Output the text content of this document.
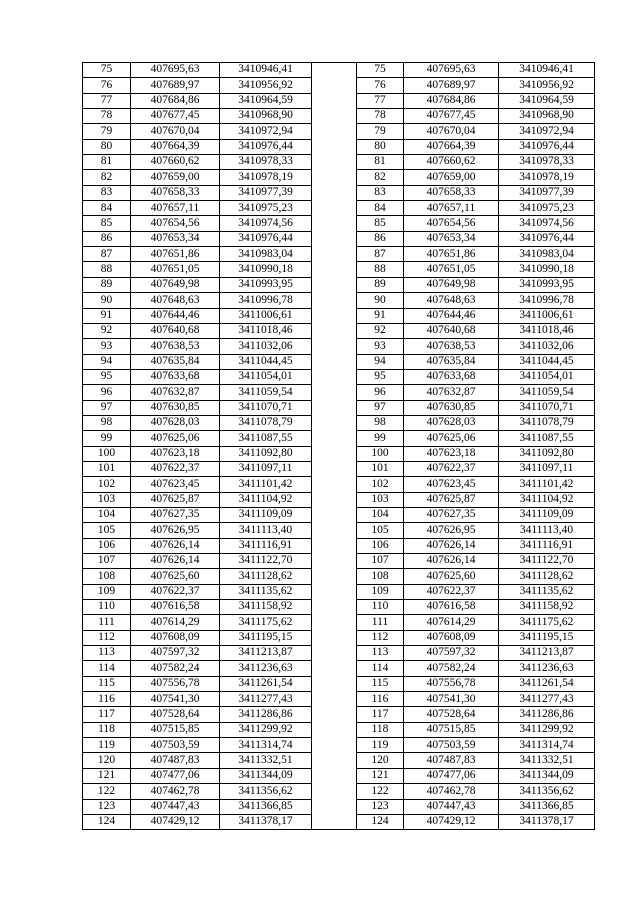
75	407695,63	3410946,41		75	407695,63	3410946,41
76	407689,97	3410956,92		76	407689,97	3410956,92
77	407684,86	3410964,59		77	407684,86	3410964,59
78	407677,45	3410968,90		78	407677,45	3410968,90
79	407670,04	3410972,94		79	407670,04	3410972,94
80	407664,39	3410976,44		80	407664,39	3410976,44
81	407660,62	3410978,33		81	407660,62	3410978,33
82	407659,00	3410978,19		82	407659,00	3410978,19
83	407658,33	3410977,39		83	407658,33	3410977,39
84	407657,11	3410975,23		84	407657,11	3410975,23
85	407654,56	3410974,56		85	407654,56	3410974,56
86	407653,34	3410976,44		86	407653,34	3410976,44
87	407651,86	3410983,04		87	407651,86	3410983,04
88	407651,05	3410990,18		88	407651,05	3410990,18
89	407649,98	3410993,95		89	407649,98	3410993,95
90	407648,63	3410996,78		90	407648,63	3410996,78
91	407644,46	3411006,61		91	407644,46	3411006,61
92	407640,68	3411018,46		92	407640,68	3411018,46
93	407638,53	3411032,06		93	407638,53	3411032,06
94	407635,84	3411044,45		94	407635,84	3411044,45
95	407633,68	3411054,01		95	407633,68	3411054,01
96	407632,87	3411059,54		96	407632,87	3411059,54
97	407630,85	3411070,71		97	407630,85	3411070,71
98	407628,03	3411078,79		98	407628,03	3411078,79
99	407625,06	3411087,55		99	407625,06	3411087,55
100	407623,18	3411092,80		100	407623,18	3411092,80
101	407622,37	3411097,11		101	407622,37	3411097,11
102	407623,45	3411101,42		102	407623,45	3411101,42
103	407625,87	3411104,92		103	407625,87	3411104,92
104	407627,35	3411109,09		104	407627,35	3411109,09
105	407626,95	3411113,40		105	407626,95	3411113,40
106	407626,14	3411116,91		106	407626,14	3411116,91
107	407626,14	3411122,70		107	407626,14	3411122,70
108	407625,60	3411128,62		108	407625,60	3411128,62
109	407622,37	3411135,62		109	407622,37	3411135,62
110	407616,58	3411158,92		110	407616,58	3411158,92
111	407614,29	3411175,62		111	407614,29	3411175,62
112	407608,09	3411195,15		112	407608,09	3411195,15
113	407597,32	3411213,87		113	407597,32	3411213,87
114	407582,24	3411236,63		114	407582,24	3411236,63
115	407556,78	3411261,54		115	407556,78	3411261,54
116	407541,30	3411277,43		116	407541,30	3411277,43
117	407528,64	3411286,86		117	407528,64	3411286,86
118	407515,85	3411299,92		118	407515,85	3411299,92
119	407503,59	3411314,74		119	407503,59	3411314,74
120	407487,83	3411332,51		120	407487,83	3411332,51
121	407477,06	3411344,09		121	407477,06	3411344,09
122	407462,78	3411356,62		122	407462,78	3411356,62
123	407447,43	3411366,85		123	407447,43	3411366,85
124	407429,12	3411378,17		124	407429,12	3411378,17
